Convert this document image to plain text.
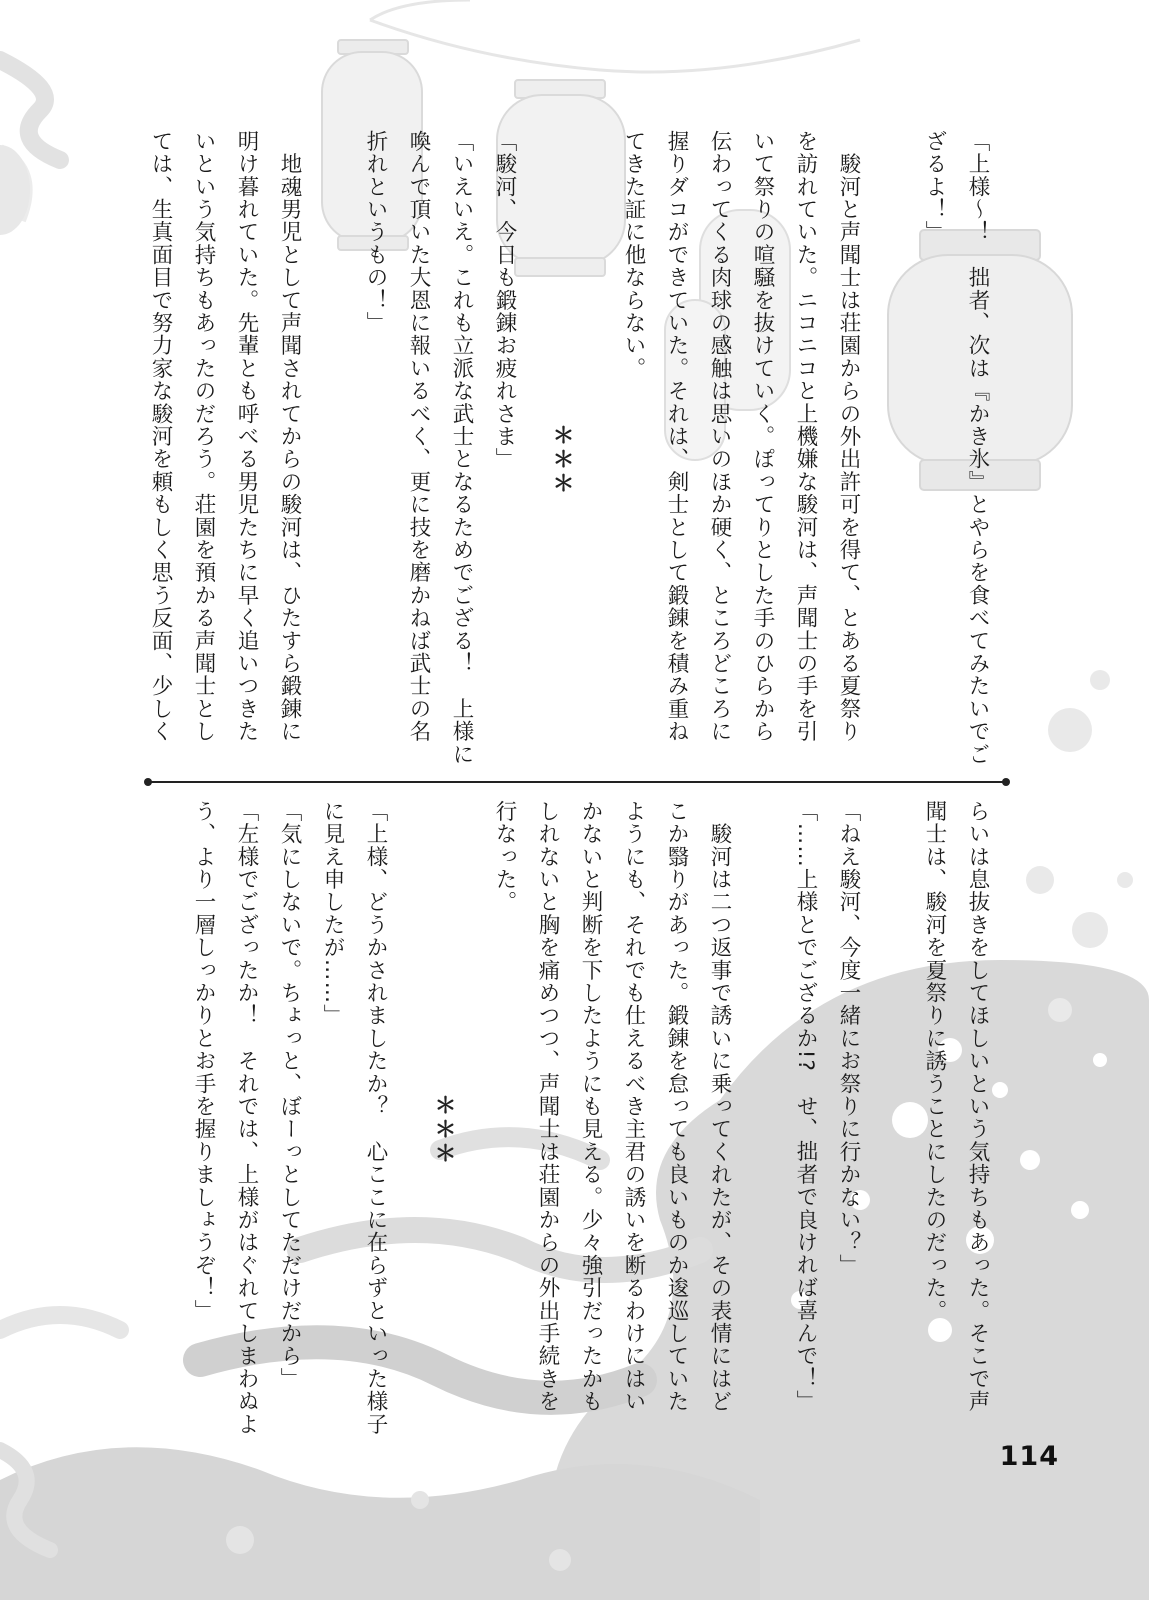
「上様〜！　拙者、次は『かき氷』とやらを食べてみたいでご
ざるよ！」

　駿河と声聞士は荘園からの外出許可を得て、とある夏祭り
を訪れていた。ニコニコと上機嫌な駿河は、声聞士の手を引
いて祭りの喧騒を抜けていく。ぽってりとした手のひらから
伝わってくる肉球の感触は思いのほか硬く、ところどころに
握りダコができていた。それは、剣士として鍛錬を積み重ね
てきた証に他ならない。

「駿河、今日も鍛錬お疲れさま」
「いえいえ。これも立派な武士となるためでござる！　上様に
喚んで頂いた大恩に報いるべく、更に技を磨かねば武士の名
折れというもの！」

　地魂男児として声聞されてからの駿河は、ひたすら鍛錬に
明け暮れていた。先輩とも呼べる男児たちに早く追いつきた
いという気持ちもあったのだろう。荘園を預かる声聞士とし
ては、生真面目で努力家な駿河を頼もしく思う反面、少しく	＊＊＊
らいは息抜きをしてほしいという気持ちもあった。そこで声
聞士は、駿河を夏祭りに誘うことにしたのだった。

「ねえ駿河、今度一緒にお祭りに行かない？」
「……上様とでござるか!?　せ、拙者で良ければ喜んで！」

　駿河は二つ返事で誘いに乗ってくれたが、その表情にはど
こか翳りがあった。鍛錬を怠っても良いものか逡巡していた
ようにも、それでも仕えるべき主君の誘いを断るわけにはい
かないと判断を下したようにも見える。少々強引だったかも
しれないと胸を痛めつつ、声聞士は荘園からの外出手続きを
行なった。

「上様、どうかされましたか？　心ここに在らずといった様子
に見え申したが……」
「気にしないで。ちょっと、ぼーっとしてただけだから」
「左様でござったか！　それでは、上様がはぐれてしまわぬよ
う、より一層しっかりとお手を握りましょうぞ！」	＊＊＊
114
